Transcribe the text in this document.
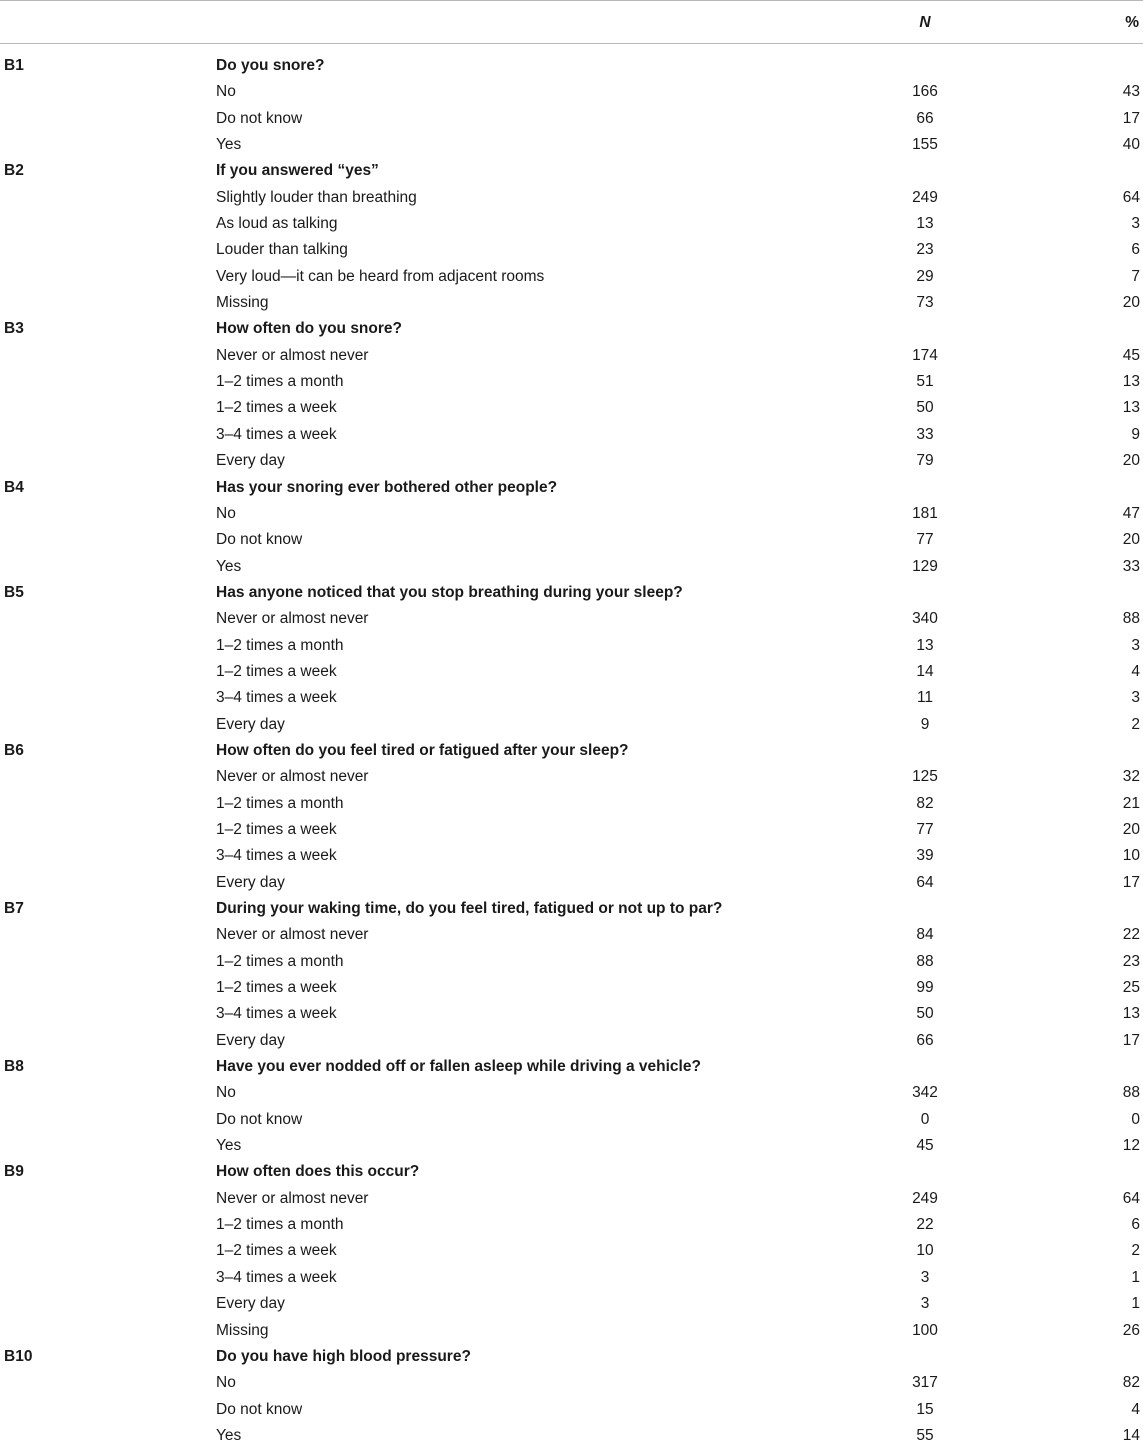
N	%
B1	Do you snore?
No	166	43
Do not know	66	17
Yes	155	40
B2	If you answered “yes”
Slightly louder than breathing	249	64
As loud as talking	13	3
Louder than talking	23	6
Very loud—it can be heard from adjacent rooms	29	7
Missing	73	20
B3	How often do you snore?
Never or almost never	174	45
1–2 times a month	51	13
1–2 times a week	50	13
3–4 times a week	33	9
Every day	79	20
B4	Has your snoring ever bothered other people?
No	181	47
Do not know	77	20
Yes	129	33
B5	Has anyone noticed that you stop breathing during your sleep?
Never or almost never	340	88
1–2 times a month	13	3
1–2 times a week	14	4
3–4 times a week	11	3
Every day	9	2
B6	How often do you feel tired or fatigued after your sleep?
Never or almost never	125	32
1–2 times a month	82	21
1–2 times a week	77	20
3–4 times a week	39	10
Every day	64	17
B7	During your waking time, do you feel tired, fatigued or not up to par?
Never or almost never	84	22
1–2 times a month	88	23
1–2 times a week	99	25
3–4 times a week	50	13
Every day	66	17
B8	Have you ever nodded off or fallen asleep while driving a vehicle?
No	342	88
Do not know	0	0
Yes	45	12
B9	How often does this occur?
Never or almost never	249	64
1–2 times a month	22	6
1–2 times a week	10	2
3–4 times a week	3	1
Every day	3	1
Missing	100	26
B10	Do you have high blood pressure?
No	317	82
Do not know	15	4
Yes	55	14
